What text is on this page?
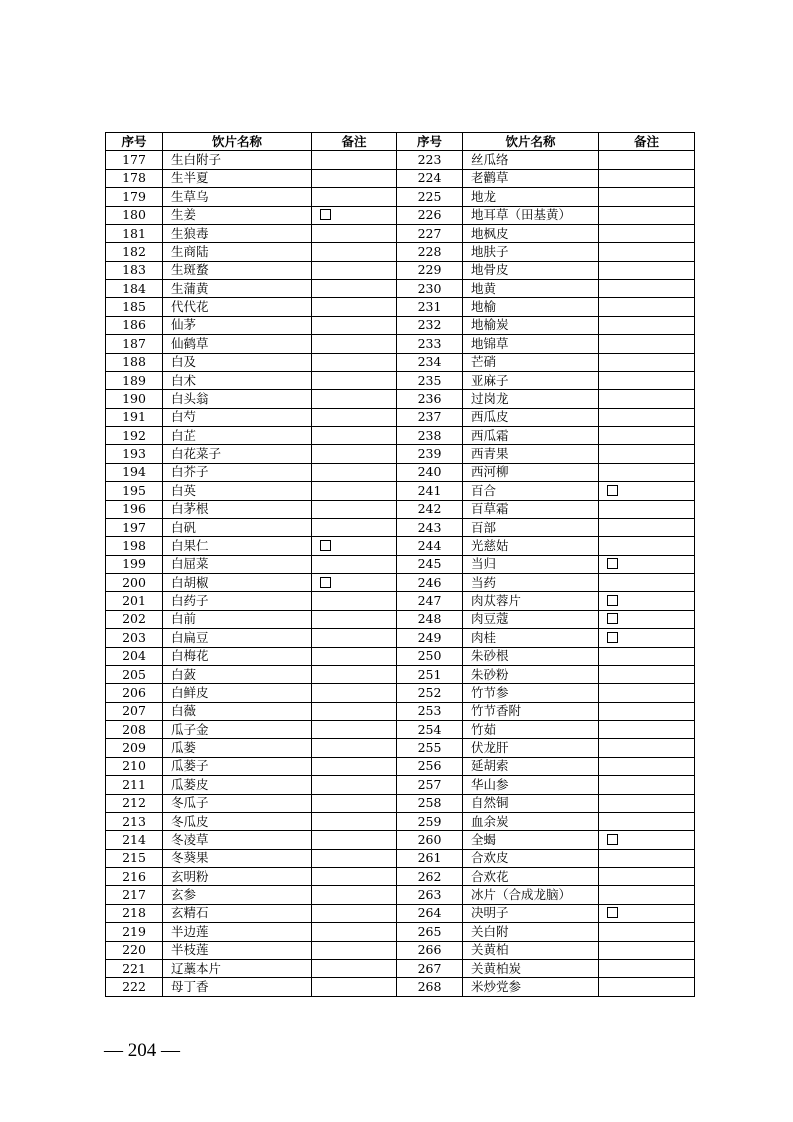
序号	饮片名称	备注	序号	饮片名称	备注
177	生白附子		223	丝瓜络	
178	生半夏		224	老鹳草	
179	生草乌		225	地龙	
180	生姜		226	地耳草（田基黄）	
181	生狼毒		227	地枫皮	
182	生商陆		228	地肤子	
183	生斑蝥		229	地骨皮	
184	生蒲黄		230	地黄	
185	代代花		231	地榆	
186	仙茅		232	地榆炭	
187	仙鹤草		233	地锦草	
188	白及		234	芒硝	
189	白术		235	亚麻子	
190	白头翁		236	过岗龙	
191	白芍		237	西瓜皮	
192	白芷		238	西瓜霜	
193	白花菜子		239	西青果	
194	白芥子		240	西河柳	
195	白英		241	百合	
196	白茅根		242	百草霜	
197	白矾		243	百部	
198	白果仁		244	光慈姑	
199	白屈菜		245	当归	
200	白胡椒		246	当药	
201	白药子		247	肉苁蓉片	
202	白前		248	肉豆蔻	
203	白扁豆		249	肉桂	
204	白梅花		250	朱砂根	
205	白蔹		251	朱砂粉	
206	白鲜皮		252	竹节参	
207	白薇		253	竹节香附	
208	瓜子金		254	竹茹	
209	瓜蒌		255	伏龙肝	
210	瓜蒌子		256	延胡索	
211	瓜蒌皮		257	华山参	
212	冬瓜子		258	自然铜	
213	冬瓜皮		259	血余炭	
214	冬凌草		260	全蝎	
215	冬葵果		261	合欢皮	
216	玄明粉		262	合欢花	
217	玄参		263	冰片（合成龙脑）	
218	玄精石		264	决明子	
219	半边莲		265	关白附	
220	半枝莲		266	关黄柏	
221	辽藁本片		267	关黄柏炭	
222	母丁香		268	米炒党参	
— 204 —
